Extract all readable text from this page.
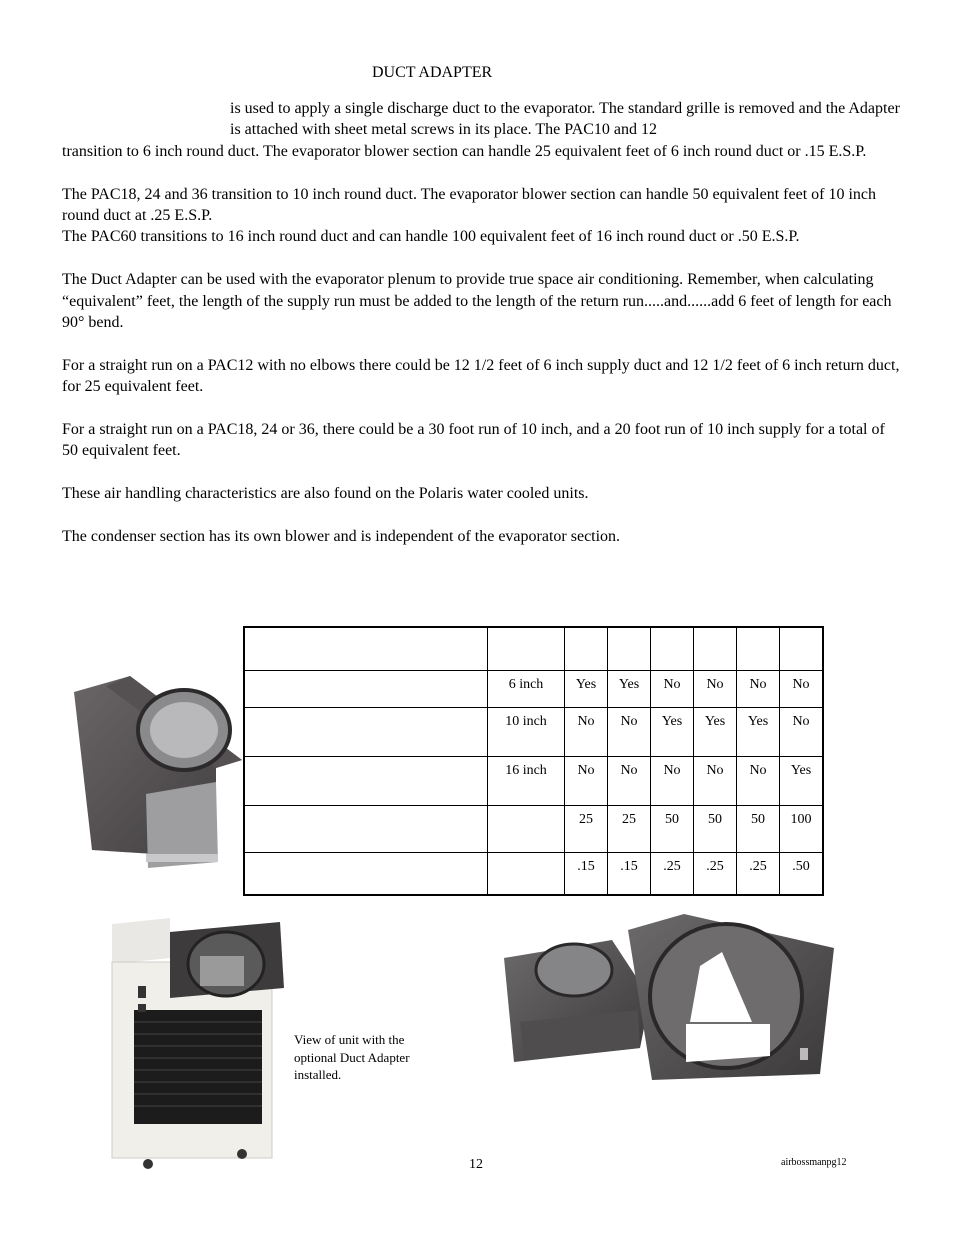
DUCT ADAPTER

is used to apply a single discharge duct to the evaporator. The standard grille is removed and the Adapter is attached with sheet metal screws in its place. The PAC10 and 12

transition to 6 inch round duct. The evaporator blower section can handle 25 equivalent feet of 6 inch round duct or .15 E.S.P.

The PAC18, 24 and 36 transition to 10 inch round duct. The evaporator blower section can handle 50 equivalent feet of 10 inch round duct at .25 E.S.P.

The PAC60 transitions to 16 inch round duct and can handle 100 equivalent feet of 16 inch round duct or .50 E.S.P.

The Duct Adapter can be used with the evaporator plenum to provide true space air conditioning. Remember, when calculating “equivalent” feet, the length of the supply run must be added to the length of the return run.....and......add 6 feet of length for each 90° bend.

For a straight run on a PAC12 with no elbows there could be 12 1/2 feet of 6 inch supply duct and 12 1/2 feet of 6 inch return duct, for 25 equivalent feet.

For a straight run on a PAC18, 24 or 36, there could be a 30 foot run of 10 inch, and a 20 foot run of 10 inch supply for a total of 50 equivalent feet.

These air handling characteristics are also found on the Polaris water cooled units.

The condenser section has its own blower and is independent of the evaporator section.

	6 inch	Yes	Yes	No	No	No	No
	10 inch	No	No	Yes	Yes	Yes	No
	16 inch	No	No	No	No	No	Yes
		25	25	50	50	50	100
		.15	.15	.25	.25	.25	.50
View of unit with the optional Duct Adapter installed.
12	airbossmanpg12
